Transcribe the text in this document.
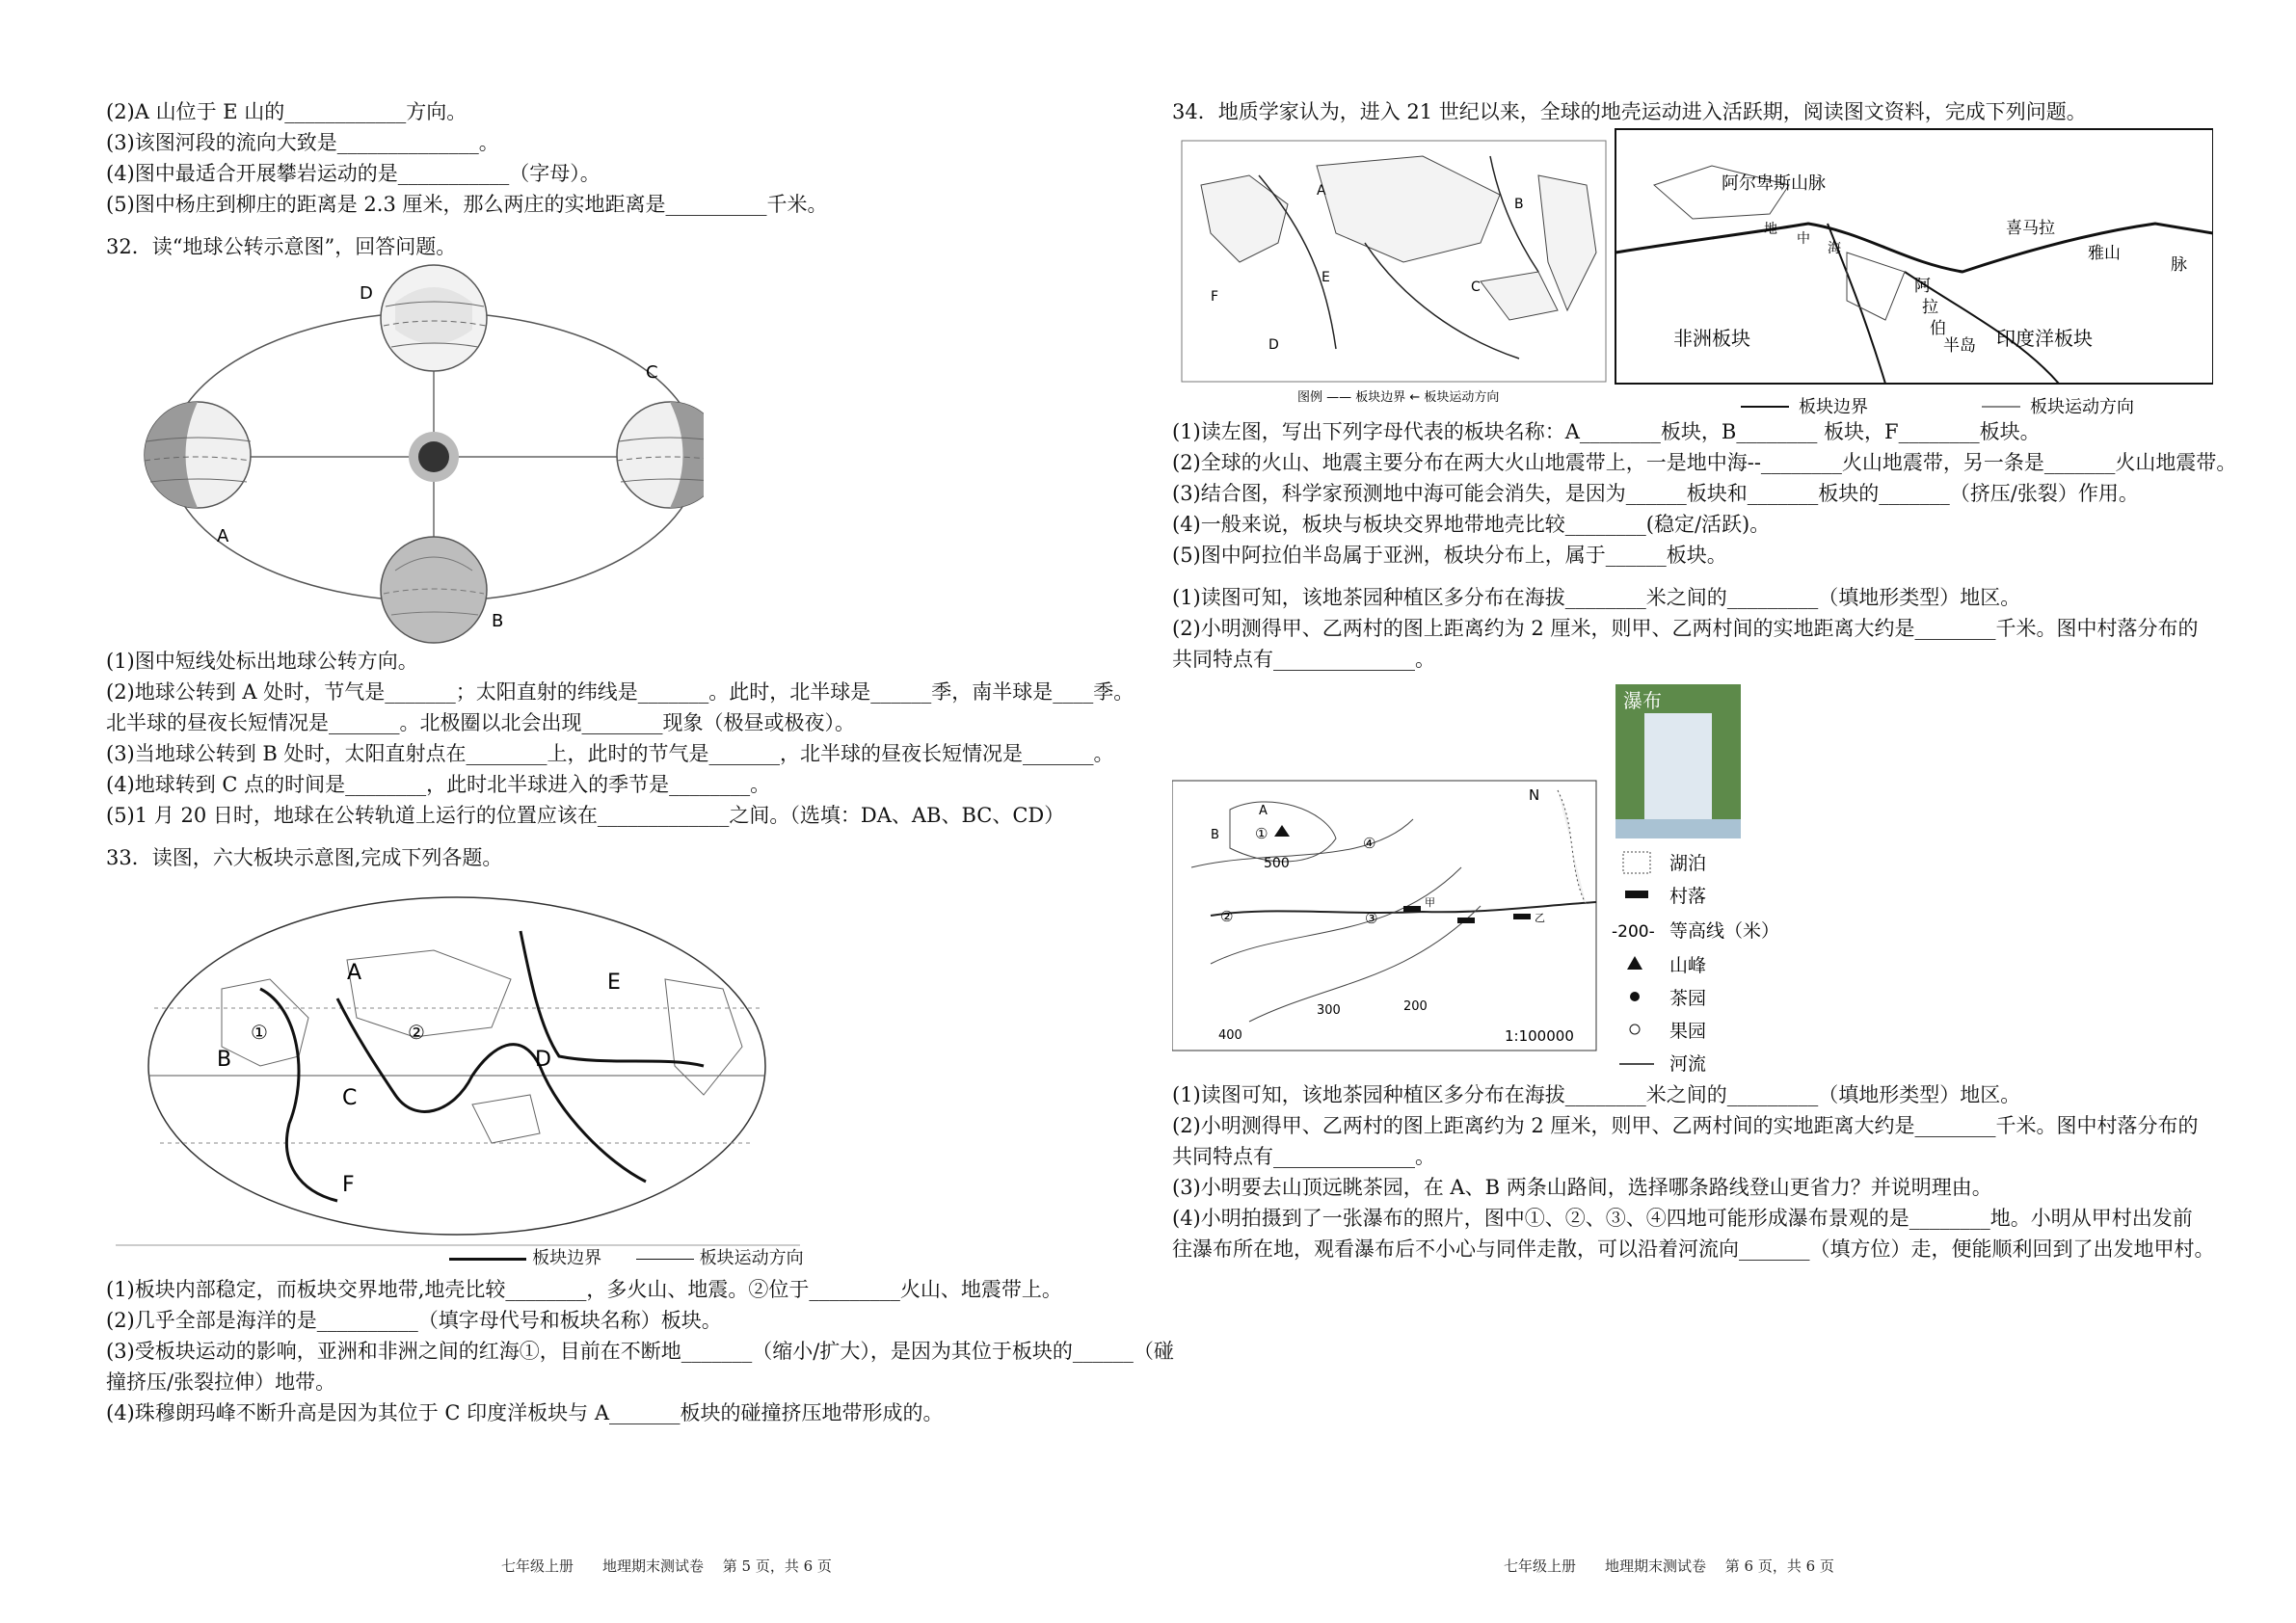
(2)A 山位于 E 山的____________方向。
(3)该图河段的流向大致是______________。
(4)图中最适合开展攀岩运动的是___________（字母）。
(5)图中杨庄到柳庄的距离是 2.3 厘米，那么两庄的实地距离是__________千米。
32．读“地球公转示意图”，回答问题。
D
A
C
B
(1)图中短线处标出地球公转方向。
(2)地球公转到 A 处时，节气是_______；太阳直射的纬线是_______。此时，北半球是______季，南半球是____季。
北半球的昼夜长短情况是_______。北极圈以北会出现________现象（极昼或极夜）。
(3)当地球公转到 B 处时，太阳直射点在________上，此时的节气是_______，北半球的昼夜长短情况是_______。
(4)地球转到 C 点的时间是________，此时北半球进入的季节是________。
(5)1 月 20 日时，地球在公转轨道上运行的位置应该在_____________之间。（选填：DA、AB、BC、CD）
33．读图，六大板块示意图,完成下列各题。
A
B
C
D
E
F
①	②
板块边界	板块运动方向
(1)板块内部稳定，而板块交界地带,地壳比较________，多火山、地震。②位于_________火山、地震带上。
(2)几乎全部是海洋的是__________（填字母代号和板块名称）板块。
(3)受板块运动的影响，亚洲和非洲之间的红海①，目前在不断地_______（缩小/扩大），是因为其位于板块的______（碰
撞挤压/张裂拉伸）地带。
(4)珠穆朗玛峰不断升高是因为其位于 C 印度洋板块与 A_______板块的碰撞挤压地带形成的。
七年级上册　　地理期末测试卷　 第 5 页，共 6 页
34．地质学家认为，进入 21 世纪以来，全球的地壳运动进入活跃期，阅读图文资料，完成下列问题。
A
B
C
D
E
F
图例 —— 板块边界 ← 板块运动方向
阿尔卑斯山脉
喜马拉
雅山
脉
地
中
海
阿
拉
伯
半岛
非洲板块	印度洋板块
板块边界	板块运动方向
(1)读左图，写出下列字母代表的板块名称：A________板块，B________ 板块，F________板块。
(2)全球的火山、地震主要分布在两大火山地震带上，一是地中海--________火山地震带，另一条是_______火山地震带。
(3)结合图，科学家预测地中海可能会消失，是因为______板块和_______板块的_______（挤压/张裂）作用。
(4)一般来说，板块与板块交界地带地壳比较________(稳定/活跃)。
(5)图中阿拉伯半岛属于亚洲，板块分布上，属于______板块。
(1)读图可知，该地茶园种植区多分布在海拔________米之间的_________（填地形类型）地区。
(2)小明测得甲、乙两村的图上距离约为 2 厘米，则甲、乙两村间的实地距离大约是________千米。图中村落分布的
共同特点有______________。
瀑布
A
B
N
①
②	③
④
500
400
300	200
甲
乙
1:100000
湖泊
村落
-200- 等高线（米）
山峰
茶园
果园
河流
(1)读图可知，该地茶园种植区多分布在海拔________米之间的_________（填地形类型）地区。
(2)小明测得甲、乙两村的图上距离约为 2 厘米，则甲、乙两村间的实地距离大约是________千米。图中村落分布的
共同特点有______________。
(3)小明要去山顶远眺茶园，在 A、B 两条山路间，选择哪条路线登山更省力？并说明理由。
(4)小明拍摄到了一张瀑布的照片，图中①、②、③、④四地可能形成瀑布景观的是________地。小明从甲村出发前
往瀑布所在地，观看瀑布后不小心与同伴走散，可以沿着河流向_______（填方位）走，便能顺利回到了出发地甲村。
七年级上册　　地理期末测试卷　 第 6 页，共 6 页
